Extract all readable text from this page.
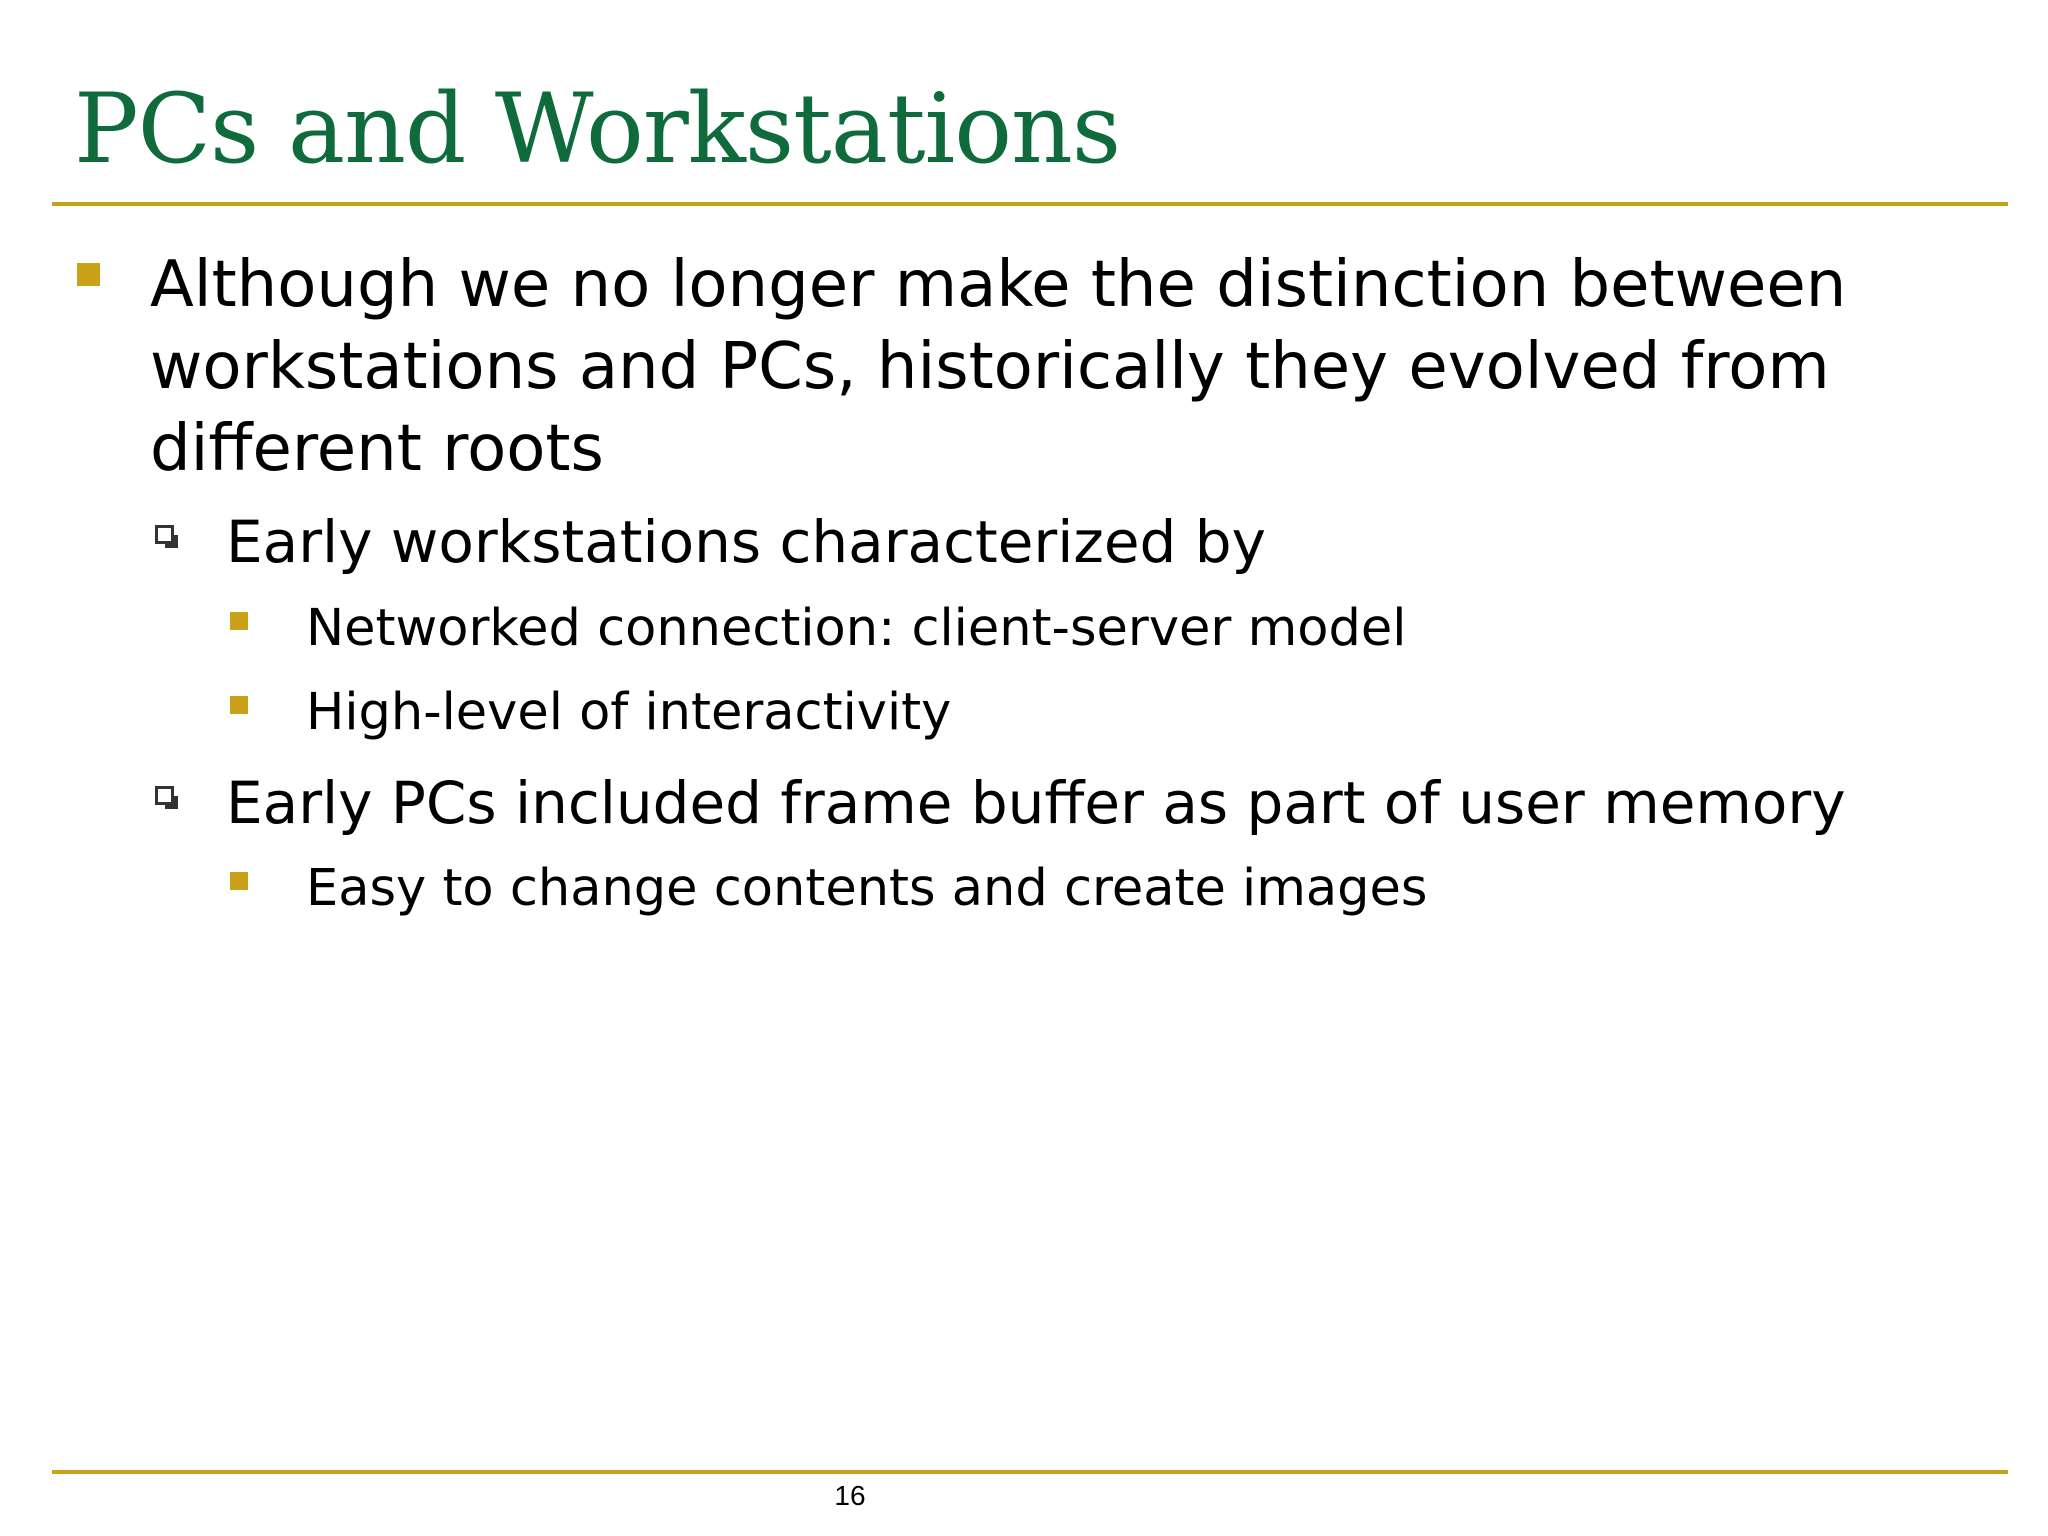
PCs and Workstations
Although we no longer make the distinction between workstations and PCs, historically they evolved from different roots
Early workstations characterized by
Networked connection: client-server model
High-level of interactivity
Early PCs included frame buffer as part of user memory
Easy to change contents and create images
16
